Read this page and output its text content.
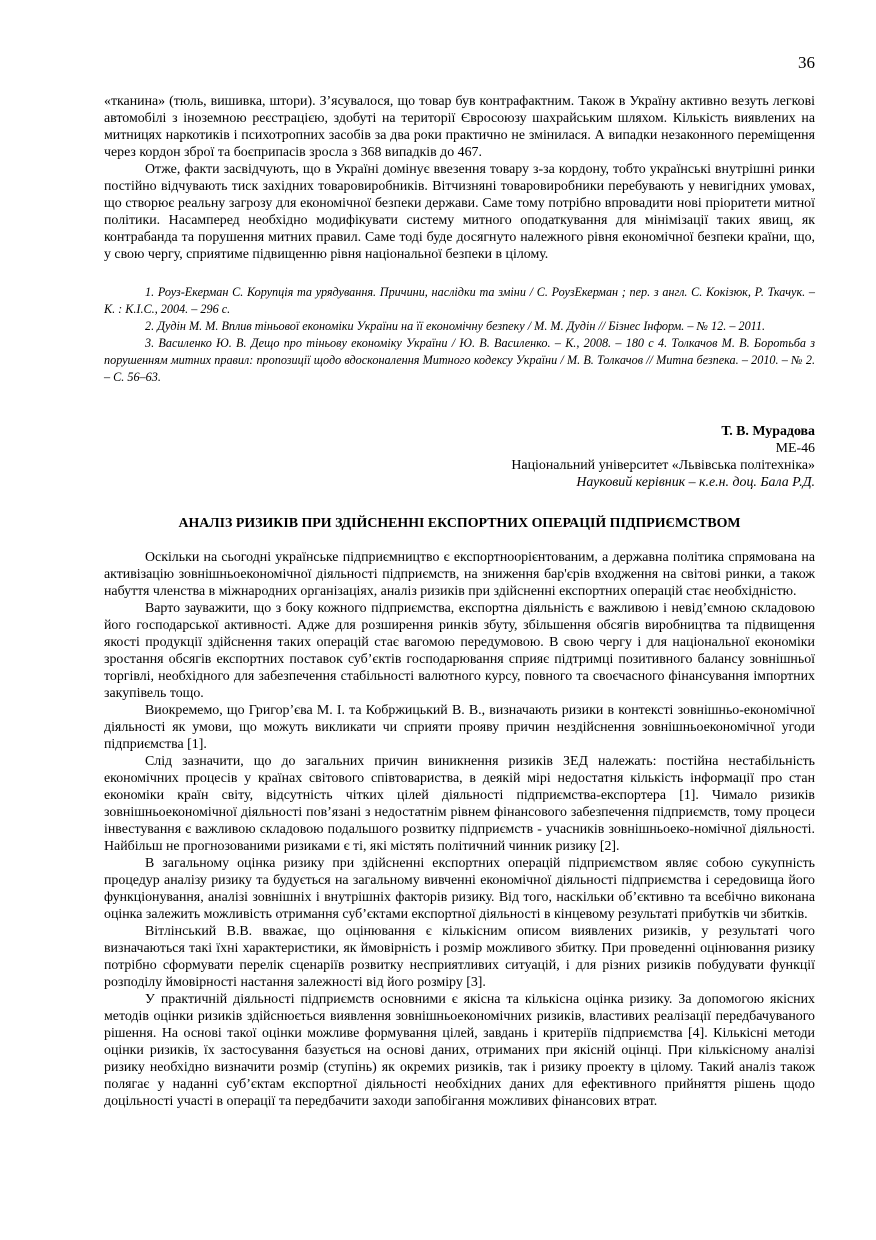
36

«тканина» (тюль, вишивка, штори). З’ясувалося, що товар був контрафактним. Також в Україну активно везуть легкові автомобілі з іноземною реєстрацією, здобуті на території Євросоюзу шахрайським шляхом. Кількість виявлених на митницях наркотиків і психотропних засобів за два роки практично не змінилася. А випадки незаконного переміщення через кордон зброї та боєприпасів зросла з 368 випадків до 467.

Отже, факти засвідчують, що в Україні домінує ввезення товару з-за кордону, тобто українські внутрішні ринки постійно відчувають тиск західних товаровиробників. Вітчизняні товаровиробники перебувають у невигідних умовах, що створює реальну загрозу для економічної безпеки держави. Саме тому потрібно впровадити нові пріоритети митної політики. Насамперед необхідно модифікувати систему митного оподаткування для мінімізації таких явищ, як контрабанда та порушення митних правил. Саме тоді буде досягнуто належного рівня економічної безпеки країни, що, у свою чергу, сприятиме підвищенню рівня національної безпеки в цілому.

1. Роуз-Екерман С. Корупція та урядування. Причини, наслідки та зміни / С. РоузЕкерман ; пер. з англ. С. Кокізюк, Р. Ткачук. – К. : К.І.С., 2004. – 296 с.

2. Дудін М. М. Вплив тіньової економіки України на її економічну безпеку / М. М. Дудін // Бізнес Інформ. – № 12. – 2011.

3. Василенко Ю. В. Дещо про тіньову економіку України / Ю. В. Василенко. – К., 2008. – 180 с 4. Толкачов М. В. Боротьба з порушенням митних правил: пропозиції щодо вдосконалення Митного кодексу України / М. В. Толкачов // Митна безпека. – 2010. – № 2. – С. 56–63.

Т. В. Мурадова
МЕ-46
Національний університет «Львівська політехніка»
Науковий керівник – к.е.н. доц. Бала Р.Д.
АНАЛІЗ РИЗИКІВ ПРИ ЗДІЙСНЕННІ ЕКСПОРТНИХ ОПЕРАЦІЙ ПІДПРИЄМСТВОМ

Оскільки на сьогодні українське підприємництво є експортноорієнтованим, а державна політика спрямована на активізацію зовнішньоекономічної діяльності підприємств, на зниження бар'єрів входження на світові ринки, а також набуття членства в міжнародних організаціях, аналіз ризиків при здійсненні експортних операцій стає необхідністю.

Варто зауважити, що з боку кожного підприємства, експортна діяльність є важливою і невід’ємною складовою його господарської активності. Адже для розширення ринків збуту, збільшення обсягів виробництва та підвищення якості продукції здійснення таких операцій стає вагомою передумовою. В свою чергу і для національної економіки зростання обсягів експортних поставок суб’єктів господарювання сприяє підтримці позитивного балансу зовнішньої торгівлі, необхідного для забезпечення стабільності валютного курсу, повного та своєчасного фінансування імпортних закупівель тощо.

Виокремемо, що Григор’єва М. І. та Кобржицький В. В., визначають ризики в контексті зовнішньо-економічної діяльності як умови, що можуть викликати чи сприяти прояву причин нездійснення зовнішньоекономічної угоди підприємства [1].

Слід зазначити, що до загальних причин виникнення ризиків ЗЕД належать: постійна нестабільність економічних процесів у країнах світового співтовариства, в деякій мірі недостатня кількість інформації про стан економіки країн світу, відсутність чітких цілей діяльності підприємства-експортера [1]. Чимало ризиків зовнішньоекономічної діяльності пов’язані з недостатнім рівнем фінансового забезпечення підприємств, тому процеси інвестування є важливою складовою подальшого розвитку підприємств - учасників зовнішньоеко-номічної діяльності. Найбільш не прогнозованими ризиками є ті, які містять політичний чинник ризику [2].

В загальному оцінка ризику при здійсненні експортних операцій підприємством являє собою сукупність процедур аналізу ризику та будується на загальному вивченні економічної діяльності підприємства і середовища його функціонування, аналізі зовнішніх і внутрішніх факторів ризику. Від того, наскільки об’єктивно та всебічно виконана оцінка залежить можливість отримання суб’єктами експортної діяльності в кінцевому результаті прибутків чи збитків.

Вітлінський В.В. вважає, що оцінювання є кількісним описом виявлених ризиків, у результаті чого визначаються такі їхні характеристики, як ймовірність і розмір можливого збитку. При проведенні оцінювання ризику потрібно сформувати перелік сценаріїв розвитку несприятливих ситуацій, і для різних ризиків побудувати функції розподілу ймовірності настання залежності від його розміру [3].

У практичній діяльності підприємств основними є якісна та кількісна оцінка ризику. За допомогою якісних методів оцінки ризиків здійснюється виявлення зовнішньоекономічних ризиків, властивих реалізації передбачуваного рішення. На основі такої оцінки можливе формування цілей, завдань і критеріїв підприємства [4]. Кількісні методи оцінки ризиків, їх застосування базується на основі даних, отриманих при якісній оцінці. При кількісному аналізі ризику необхідно визначити розмір (ступінь) як окремих ризиків, так і ризику проекту в цілому. Такий аналіз також полягає у наданні суб’єктам експортної діяльності необхідних даних для ефективного прийняття рішень щодо доцільності участі в операції та передбачити заходи запобігання можливих фінансових втрат.
